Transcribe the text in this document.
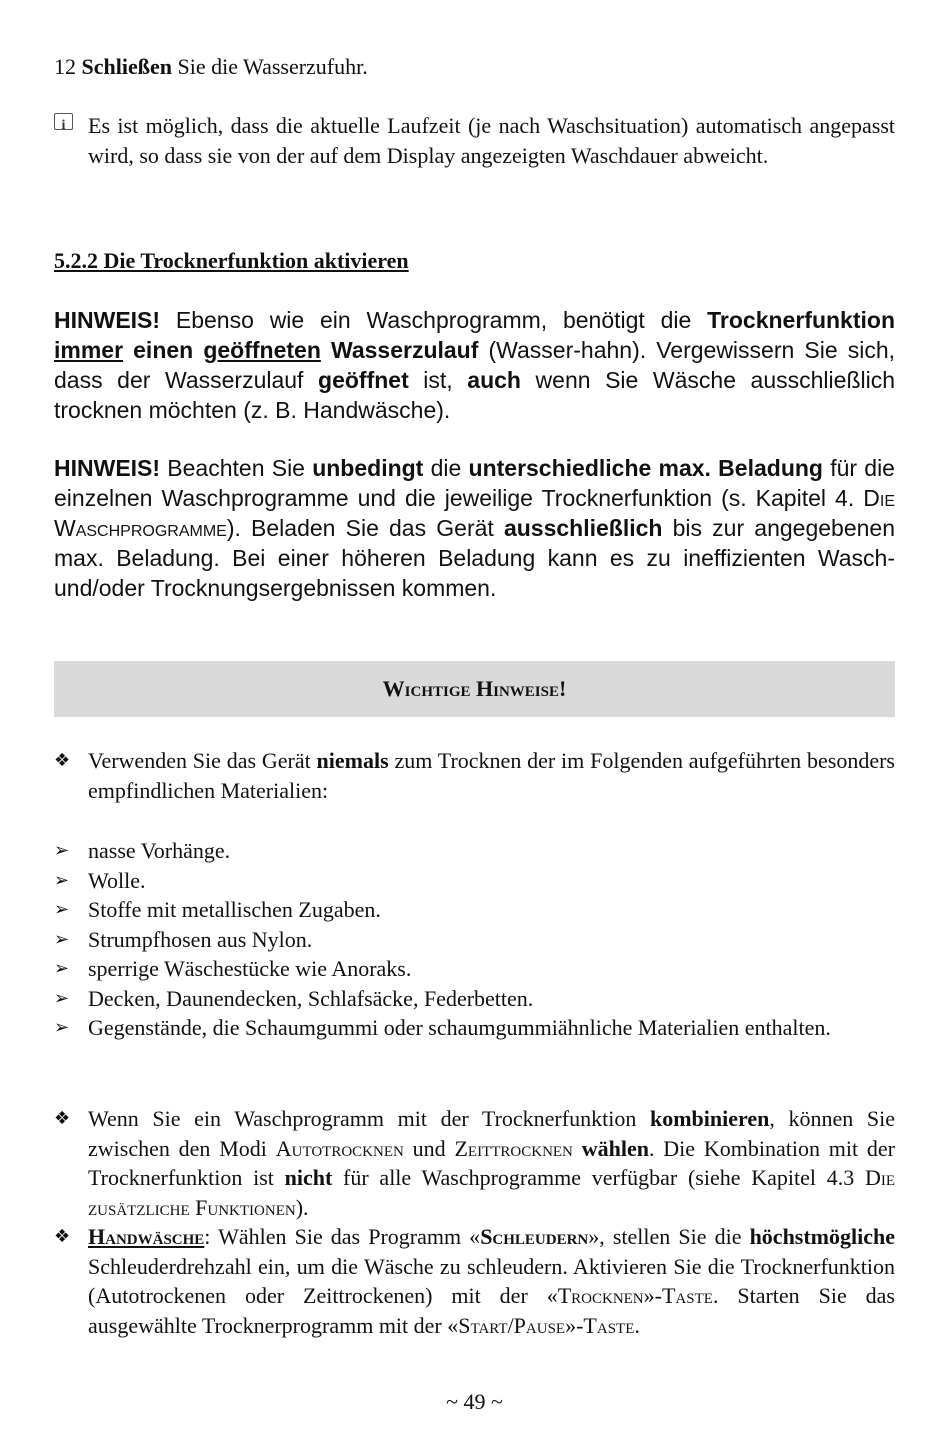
12 Schließen Sie die Wasserzufuhr.
i
Es ist möglich, dass die aktuelle Laufzeit (je nach Waschsituation) automatisch angepasst wird, so dass sie von der auf dem Display angezeigten Waschdauer abweicht.
5.2.2 Die Trocknerfunktion aktivieren
HINWEIS! Ebenso wie ein Waschprogramm, benötigt die Trocknerfunktion immer einen geöffneten Wasserzulauf (Wasser-hahn). Vergewissern Sie sich, dass der Wasserzulauf geöffnet ist, auch wenn Sie Wäsche ausschließlich trocknen möchten (z. B. Handwäsche).
HINWEIS! Beachten Sie unbedingt die unterschiedliche max. Beladung für die einzelnen Waschprogramme und die jeweilige Trocknerfunktion (s. Kapitel 4. Die Waschprogramme). Beladen Sie das Gerät ausschließlich bis zur angegebenen max. Beladung. Bei einer höheren Beladung kann es zu ineffizienten Wasch- und/oder Trocknungsergebnissen kommen.
Wichtige Hinweise!
❖ Verwenden Sie das Gerät niemals zum Trocknen der im Folgenden aufgeführten besonders empfindlichen Materialien:
➢ nasse Vorhänge.
➢ Wolle.
➢ Stoffe mit metallischen Zugaben.
➢ Strumpfhosen aus Nylon.
➢ sperrige Wäschestücke wie Anoraks.
➢ Decken, Daunendecken, Schlafsäcke, Federbetten.
➢ Gegenstände, die Schaumgummi oder schaumgummiähnliche Materialien enthalten.
❖ Wenn Sie ein Waschprogramm mit der Trocknerfunktion kombinieren, können Sie zwischen den Modi Autotrocknen und Zeittrocknen wählen. Die Kombination mit der Trocknerfunktion ist nicht für alle Waschprogramme verfügbar (siehe Kapitel 4.3 Die zusätzliche Funktionen).
❖ Handwäsche: Wählen Sie das Programm «Schleudern», stellen Sie die höchstmögliche Schleuderdrehzahl ein, um die Wäsche zu schleudern. Aktivieren Sie die Trocknerfunktion (Autotrockenen oder Zeittrockenen) mit der «Trocknen»-Taste. Starten Sie das ausgewählte Trocknerprogramm mit der «Start/Pause»-Taste.
~ 49 ~
